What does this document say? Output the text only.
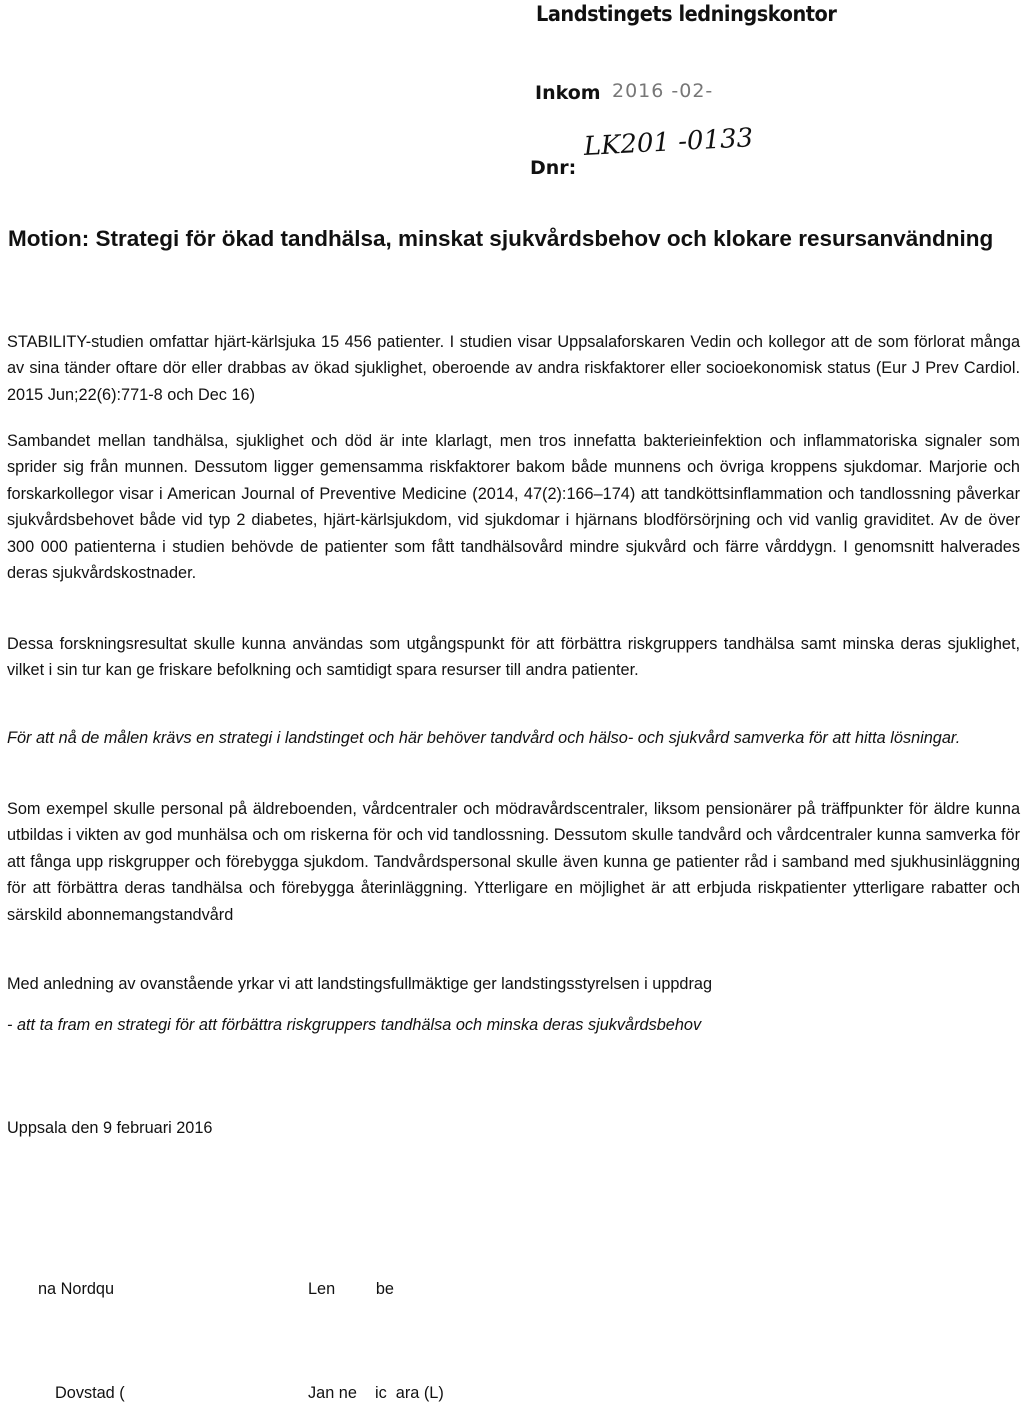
Landstingets ledningskontor
Inkom 2016 -02-
Dnr:
LK201 -0133
Motion: Strategi för ökad tandhälsa, minskat sjukvårdsbehov och klokare resursanvändning

STABILITY-studien omfattar hjärt-kärlsjuka 15 456 patienter. I studien visar Uppsalaforskaren Vedin och kollegor att de som förlorat många av sina tänder oftare dör eller drabbas av ökad sjuklighet, oberoende av andra riskfaktorer eller socioekonomisk status (Eur J Prev Cardiol. 2015 Jun;22(6):771-8 och Dec 16)

Sambandet mellan tandhälsa, sjuklighet och död är inte klarlagt, men tros innefatta bakterieinfektion och inflammatoriska signaler som sprider sig från munnen. Dessutom ligger gemensamma riskfaktorer bakom både munnens och övriga kroppens sjukdomar. Marjorie och forskarkollegor visar i American Journal of Preventive Medicine (2014, 47(2):166–174) att tandköttsinflammation och tandlossning påverkar sjukvårdsbehovet både vid typ 2 diabetes, hjärt-kärlsjukdom, vid sjukdomar i hjärnans blodförsörjning och vid vanlig graviditet. Av de över 300 000 patienterna i studien behövde de patienter som fått tandhälsovård mindre sjukvård och färre vårddygn. I genomsnitt halverades deras sjukvårdskostnader.

Dessa forskningsresultat skulle kunna användas som utgångspunkt för att förbättra riskgruppers tandhälsa samt minska deras sjuklighet, vilket i sin tur kan ge friskare befolkning och samtidigt spara resurser till andra patienter.

För att nå de målen krävs en strategi i landstinget och här behöver tandvård och hälso- och sjukvård samverka för att hitta lösningar.

Som exempel skulle personal på äldreboenden, vårdcentraler och mödravårdscentraler, liksom pensionärer på träffpunkter för äldre kunna utbildas i vikten av god munhälsa och om riskerna för och vid tandlossning. Dessutom skulle tandvård och vårdcentraler kunna samverka för att fånga upp riskgrupper och förebygga sjukdom. Tandvårdspersonal skulle även kunna ge patienter råd i samband med sjukhusinläggning för att förbättra deras tandhälsa och förebygga återinläggning. Ytterligare en möjlighet är att erbjuda riskpatienter ytterligare rabatter och särskild abonnemangstandvård

Med anledning av ovanstående yrkar vi att landstingsfullmäktige ger landstingsstyrelsen i uppdrag

- att ta fram en strategi för att förbättra riskgruppers tandhälsa och minska deras sjukvårdsbehov

Uppsala den 9 februari 2016

na Nordqu	Len         be
Dovstad (	Jan ne    ic  ara (L)
